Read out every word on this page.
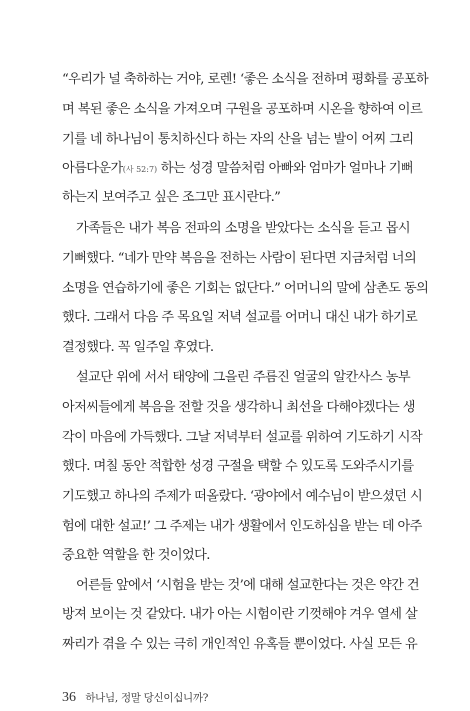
“우리가 널 축하하는 거야, 로렌! ‘좋은 소식을 전하며 평화를 공포하
며 복된 좋은 소식을 가져오며 구원을 공포하며 시온을 향하여 이르
기를 네 하나님이 통치하신다 하는 자의 산을 넘는 발이 어찌 그리
아름다운가(사 52:7) 하는 성경 말씀처럼 아빠와 엄마가 얼마나 기뻐
하는지 보여주고 싶은 조그만 표시란다.”
가족들은 내가 복음 전파의 소명을 받았다는 소식을 듣고 몹시
기뻐했다. “네가 만약 복음을 전하는 사람이 된다면 지금처럼 너의
소명을 연습하기에 좋은 기회는 없단다.” 어머니의 말에 삼촌도 동의
했다. 그래서 다음 주 목요일 저녁 설교를 어머니 대신 내가 하기로
결정했다. 꼭 일주일 후였다.
설교단 위에 서서 태양에 그을린 주름진 얼굴의 알칸사스 농부
아저씨들에게 복음을 전할 것을 생각하니 최선을 다해야겠다는 생
각이 마음에 가득했다. 그날 저녁부터 설교를 위하여 기도하기 시작
했다. 며칠 동안 적합한 성경 구절을 택할 수 있도록 도와주시기를
기도했고 하나의 주제가 떠올랐다. ‘광야에서 예수님이 받으셨던 시
험에 대한 설교!’ 그 주제는 내가 생활에서 인도하심을 받는 데 아주
중요한 역할을 한 것이었다.
어른들 앞에서 ‘시험을 받는 것’에 대해 설교한다는 것은 약간 건
방져 보이는 것 같았다. 내가 아는 시험이란 기껏해야 겨우 열세 살
36 하나님, 정말 당신이십니까?
짜리가 겪을 수 있는 극히 개인적인 유혹들 뿐이었다. 사실 모든 유
